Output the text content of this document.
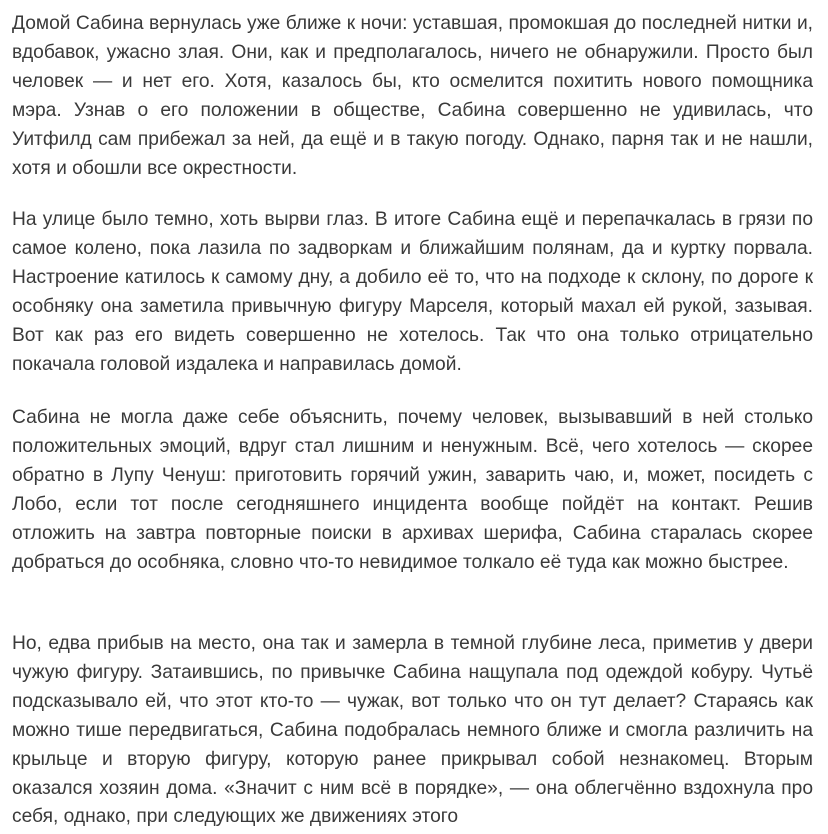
Домой Сабина вернулась уже ближе к ночи: уставшая, промокшая до последней нитки и, вдобавок, ужасно злая. Они, как и предполагалось, ничего не обнаружили. Просто был человек — и нет его. Хотя, казалось бы, кто осмелится похитить нового помощника мэра. Узнав о его положении в обществе, Сабина совершенно не удивилась, что Уитфилд сам прибежал за ней, да ещё и в такую погоду. Однако, парня так и не нашли, хотя и обошли все окрестности.

На улице было темно, хоть вырви глаз. В итоге Сабина ещё и перепачкалась в грязи по самое колено, пока лазила по задворкам и ближайшим полянам, да и куртку порвала. Настроение катилось к самому дну, а добило её то, что на подходе к склону, по дороге к особняку она заметила привычную фигуру Марселя, который махал ей рукой, зазывая. Вот как раз его видеть совершенно не хотелось. Так что она только отрицательно покачала головой издалека и направилась домой.

Сабина не могла даже себе объяснить, почему человек, вызывавший в ней столько положительных эмоций, вдруг стал лишним и ненужным. Всё, чего хотелось — скорее обратно в Лупу Ченуш: приготовить горячий ужин, заварить чаю, и, может, посидеть с Лобо, если тот после сегодняшнего инцидента вообще пойдёт на контакт. Решив отложить на завтра повторные поиски в архивах шерифа, Сабина старалась скорее добраться до особняка, словно что-то невидимое толкало её туда как можно быстрее.

Но, едва прибыв на место, она так и замерла в темной глубине леса, приметив у двери чужую фигуру. Затаившись, по привычке Сабина нащупала под одеждой кобуру. Чутьё подсказывало ей, что этот кто-то — чужак, вот только что он тут делает? Стараясь как можно тише передвигаться, Сабина подобралась немного ближе и смогла различить на крыльце и вторую фигуру, которую ранее прикрывал собой незнакомец. Вторым оказался хозяин дома. «Значит с ним всё в порядке», — она облегчённо вздохнула про себя, однако, при следующих же движениях этого
